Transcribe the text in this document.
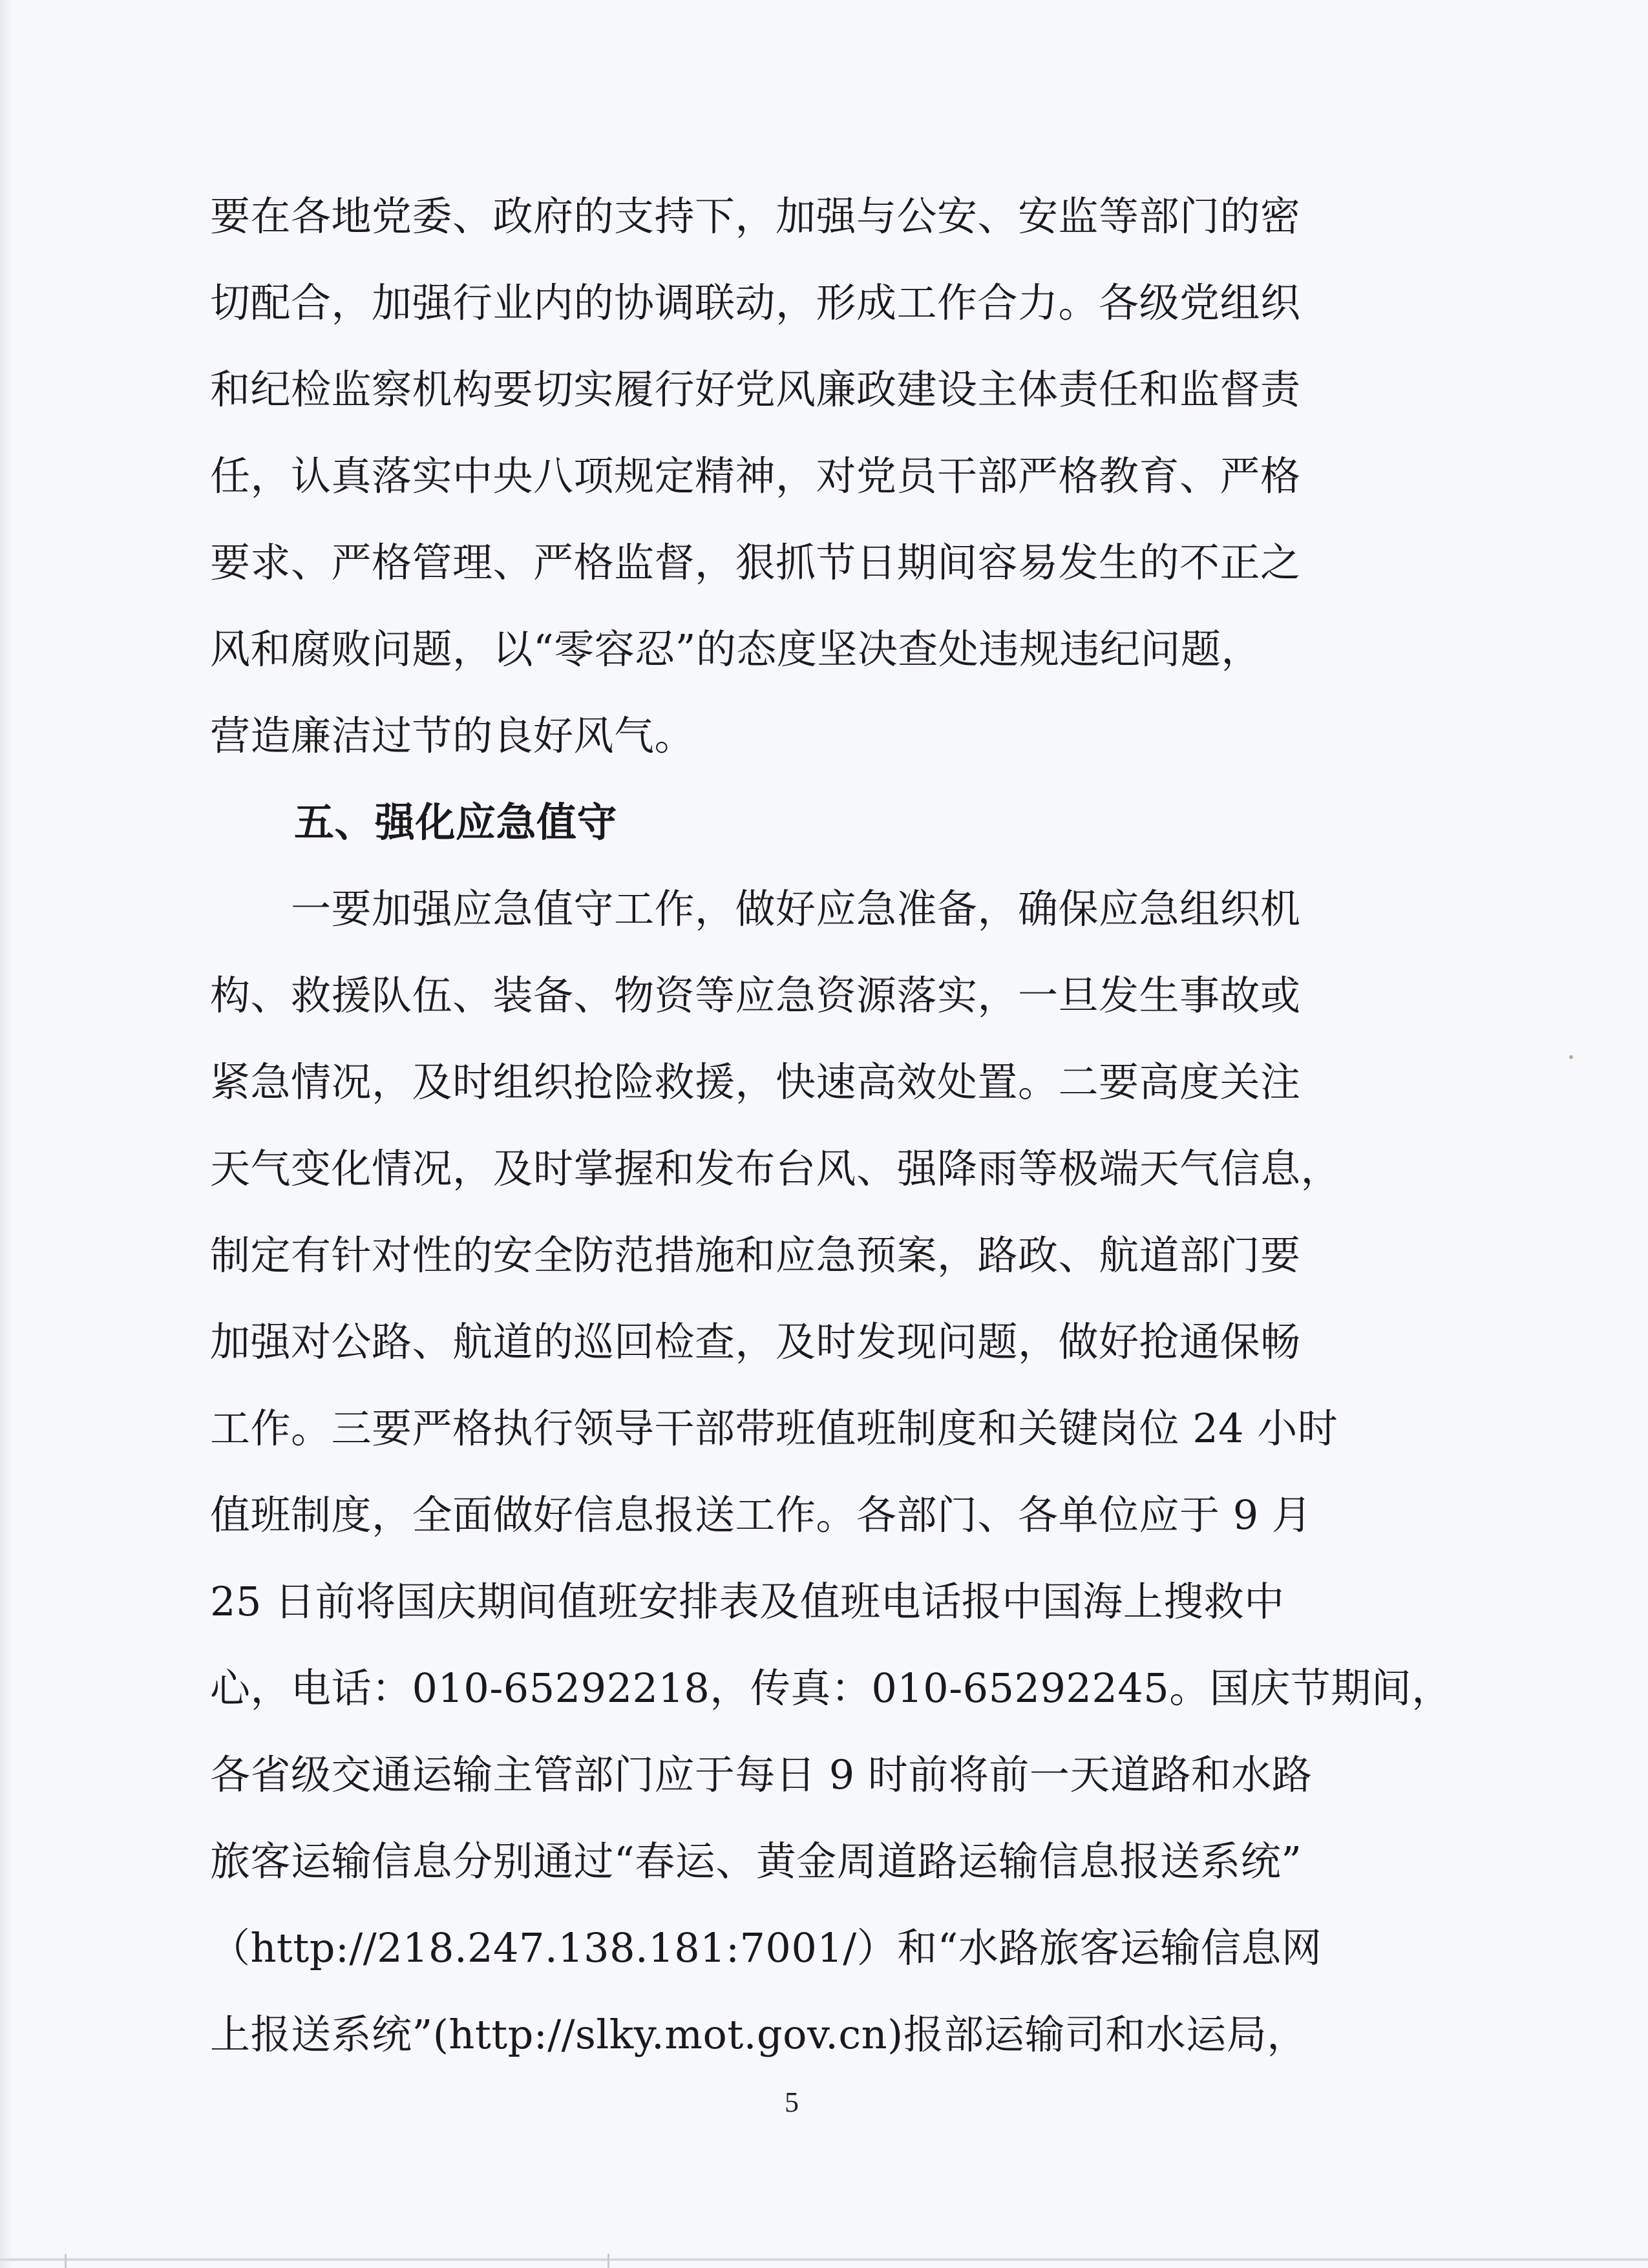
要在各地党委、政府的支持下，加强与公安、安监等部门的密
切配合，加强行业内的协调联动，形成工作合力。各级党组织
和纪检监察机构要切实履行好党风廉政建设主体责任和监督责
任，认真落实中央八项规定精神，对党员干部严格教育、严格
要求、严格管理、严格监督，狠抓节日期间容易发生的不正之
风和腐败问题，以“零容忍”的态度坚决查处违规违纪问题，
营造廉洁过节的良好风气。
五、强化应急值守
　　一要加强应急值守工作，做好应急准备，确保应急组织机
构、救援队伍、装备、物资等应急资源落实，一旦发生事故或
紧急情况，及时组织抢险救援，快速高效处置。二要高度关注
天气变化情况，及时掌握和发布台风、强降雨等极端天气信息，
制定有针对性的安全防范措施和应急预案，路政、航道部门要
加强对公路、航道的巡回检查，及时发现问题，做好抢通保畅
工作。三要严格执行领导干部带班值班制度和关键岗位 24 小时
值班制度，全面做好信息报送工作。各部门、各单位应于 9 月
25 日前将国庆期间值班安排表及值班电话报中国海上搜救中
心，电话：010-65292218，传真：010-65292245。国庆节期间，
各省级交通运输主管部门应于每日 9 时前将前一天道路和水路
旅客运输信息分别通过“春运、黄金周道路运输信息报送系统”
（http://218.247.138.181:7001/）和“水路旅客运输信息网
上报送系统”(http://slky.mot.gov.cn)报部运输司和水运局，
5
